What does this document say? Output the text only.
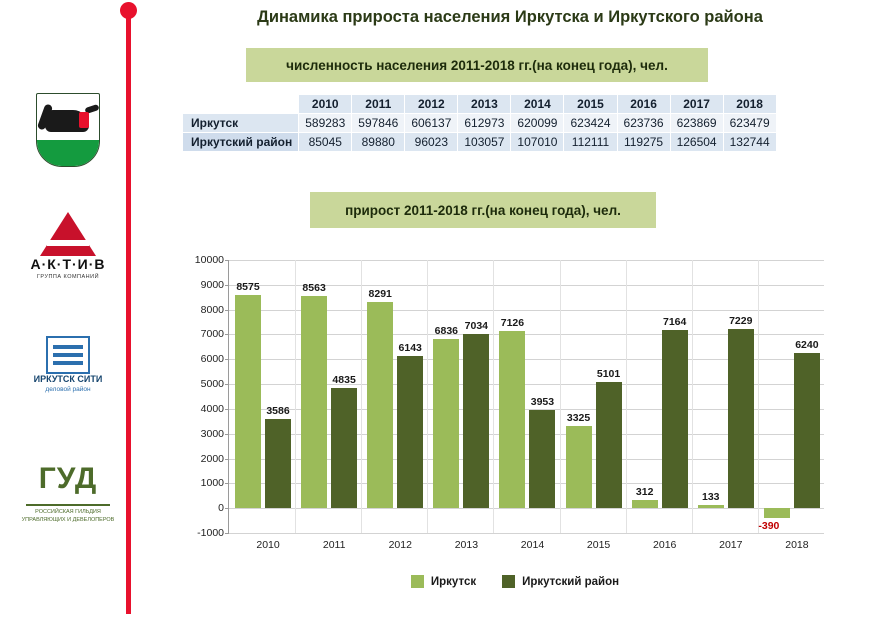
А·К·Т·И·В
ГРУППА КОМПАНИЙ
ИРКУТСК СИТИ
деловой район
ГУД
РОССИЙСКАЯ ГИЛЬДИЯ УПРАВЛЯЮЩИХ И ДЕВЕЛОПЕРОВ
Динамика прироста населения Иркутска и Иркутского района
численность населения 2011-2018 гг.(на конец года), чел.
прирост 2011-2018 гг.(на конец года), чел.
	2010	2011	2012	2013	2014	2015	2016	2017	2018
Иркутск	589283	597846	606137	612973	620099	623424	623736	623869	623479
Иркутский район	85045	89880	96023	103057	107010	112111	119275	126504	132744
10000
9000
8000
7000
6000
5000
4000
3000
2000
1000
0
-1000
8575
3586
2010
8563
4835
2011
8291
6143
2012
6836 7034
2013
7126
3953
2014
3325
5101
2015
312
7164
2016
133
7229
2017
-390
6240
2018
Иркутск	Иркутский район
